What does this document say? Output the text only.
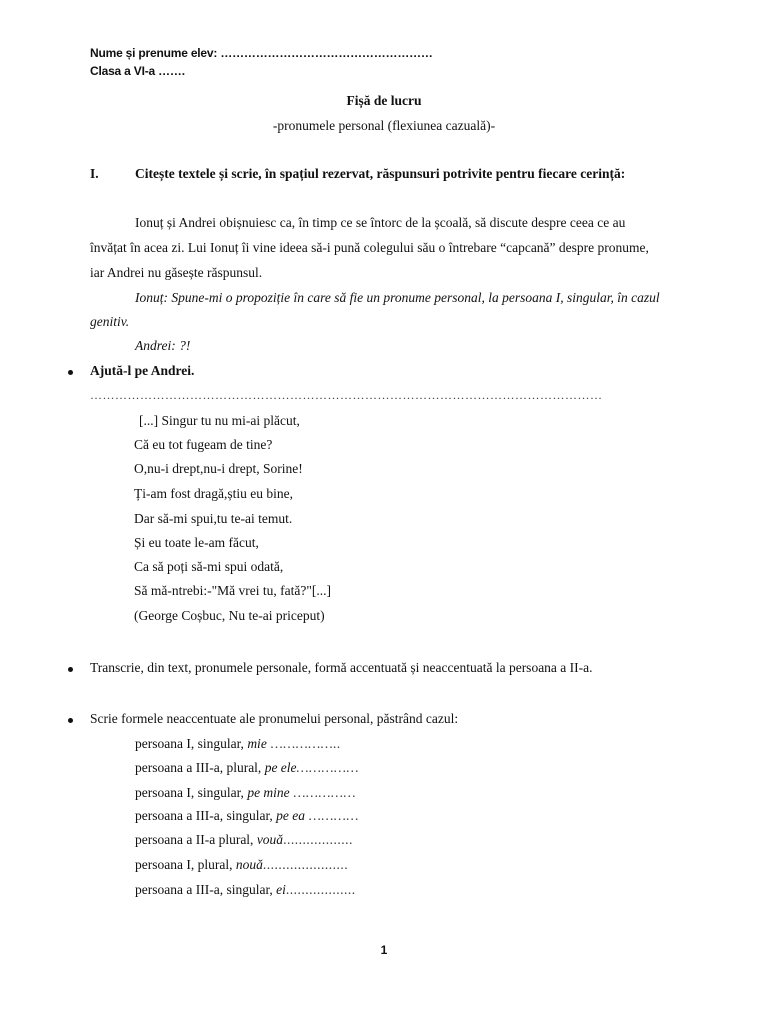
Nume și prenume elev: ………………………………………………
Clasa a VI-a …….
Fișă de lucru
-pronumele personal (flexiunea cazuală)-
I.	Citește textele și scrie, în spațiul rezervat, răspunsuri potrivite pentru fiecare cerință:
Ionuț și Andrei obișnuiesc ca, în timp ce se întorc de la școală, să discute despre ceea ce au
învățat în acea zi. Lui Ionuț îi vine ideea să-i pună colegului său o întrebare “capcană” despre pronume,
iar Andrei nu găsește răspunsul.
Ionuț: Spune-mi o propoziție în care să fie un pronume personal, la persoana I, singular, în cazul
genitiv.
Andrei: ?!
Ajută-l pe Andrei.
……………………………………………………………………………………………………………
[...] Singur tu nu mi-ai plăcut,
Că eu tot fugeam de tine?
O,nu-i drept,nu-i drept, Sorine!
Ți-am fost dragă,știu eu bine,
Dar să-mi spui,tu te-ai temut.
Și eu toate le-am făcut,
Ca să poți să-mi spui odată,
Să mă-ntrebi:-"Mă vrei tu, fată?"[...]
(George Coșbuc, Nu te-ai priceput)
Transcrie, din text, pronumele personale, formă accentuată și neaccentuată la persoana a II-a.
Scrie formele neaccentuate ale pronumelui personal, păstrând cazul:
persoana I, singular, mie ……………..
persoana a III-a, plural, pe ele……………
persoana I, singular, pe mine ……………
persoana a III-a, singular, pe ea …………
persoana a II-a plural, vouă..................
persoana I, plural, nouă......................
persoana a III-a, singular, ei..................
1
